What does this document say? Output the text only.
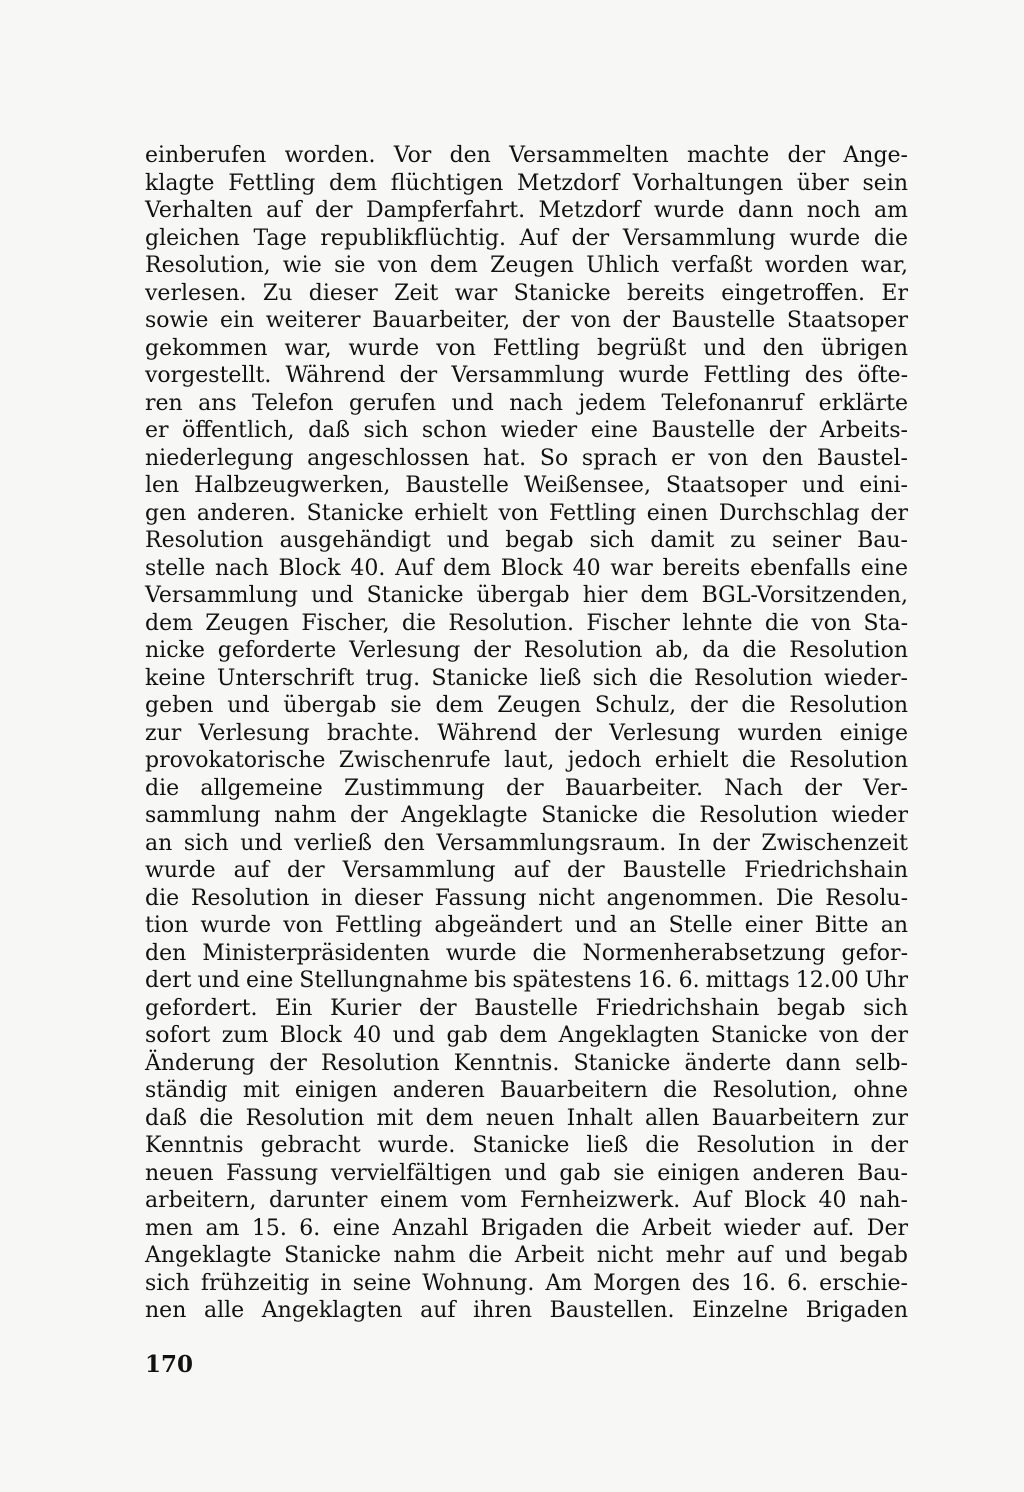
einberufen worden. Vor den Versammelten machte der Ange-
klagte Fettling dem flüchtigen Metzdorf Vorhaltungen über sein
Verhalten auf der Dampferfahrt. Metzdorf wurde dann noch am
gleichen Tage republikflüchtig. Auf der Versammlung wurde die
Resolution, wie sie von dem Zeugen Uhlich verfaßt worden war,
verlesen. Zu dieser Zeit war Stanicke bereits eingetroffen. Er
sowie ein weiterer Bauarbeiter, der von der Baustelle Staatsoper
gekommen war, wurde von Fettling begrüßt und den übrigen
vorgestellt. Während der Versammlung wurde Fettling des öfte-
ren ans Telefon gerufen und nach jedem Telefonanruf erklärte
er öffentlich, daß sich schon wieder eine Baustelle der Arbeits-
niederlegung angeschlossen hat. So sprach er von den Baustel-
len Halbzeugwerken, Baustelle Weißensee, Staatsoper und eini-
gen anderen. Stanicke erhielt von Fettling einen Durchschlag der
Resolution ausgehändigt und begab sich damit zu seiner Bau-
stelle nach Block 40. Auf dem Block 40 war bereits ebenfalls eine
Versammlung und Stanicke übergab hier dem BGL-Vorsitzenden,
dem Zeugen Fischer, die Resolution. Fischer lehnte die von Sta-
nicke geforderte Verlesung der Resolution ab, da die Resolution
keine Unterschrift trug. Stanicke ließ sich die Resolution wieder-
geben und übergab sie dem Zeugen Schulz, der die Resolution
zur Verlesung brachte. Während der Verlesung wurden einige
provokatorische Zwischenrufe laut, jedoch erhielt die Resolution
die allgemeine Zustimmung der Bauarbeiter. Nach der Ver-
sammlung nahm der Angeklagte Stanicke die Resolution wieder
an sich und verließ den Versammlungsraum. In der Zwischenzeit
wurde auf der Versammlung auf der Baustelle Friedrichshain
die Resolution in dieser Fassung nicht angenommen. Die Resolu-
tion wurde von Fettling abgeändert und an Stelle einer Bitte an
den Ministerpräsidenten wurde die Normenherabsetzung gefor-
dert und eine Stellungnahme bis spätestens 16. 6. mittags 12.00 Uhr
gefordert. Ein Kurier der Baustelle Friedrichshain begab sich
sofort zum Block 40 und gab dem Angeklagten Stanicke von der
Änderung der Resolution Kenntnis. Stanicke änderte dann selb-
ständig mit einigen anderen Bauarbeitern die Resolution, ohne
daß die Resolution mit dem neuen Inhalt allen Bauarbeitern zur
Kenntnis gebracht wurde. Stanicke ließ die Resolution in der
neuen Fassung vervielfältigen und gab sie einigen anderen Bau-
arbeitern, darunter einem vom Fernheizwerk. Auf Block 40 nah-
men am 15. 6. eine Anzahl Brigaden die Arbeit wieder auf. Der
Angeklagte Stanicke nahm die Arbeit nicht mehr auf und begab
sich frühzeitig in seine Wohnung. Am Morgen des 16. 6. erschie-
nen alle Angeklagten auf ihren Baustellen. Einzelne Brigaden
170
